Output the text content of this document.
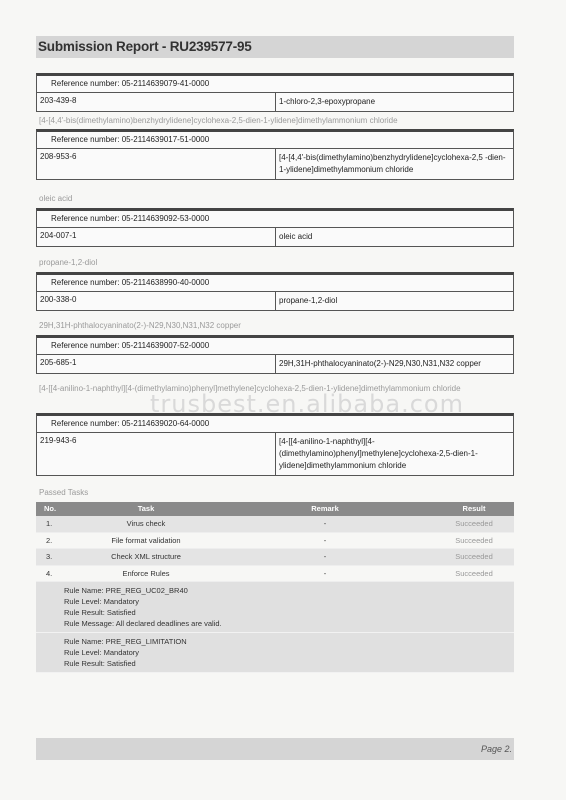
Submission Report - RU239577-95
Reference number: 05-2114639079-41-0000
203-439-8	1-chloro-2,3-epoxypropane
[4-[4,4'-bis(dimethylamino)benzhydrylidene]cyclohexa-2,5-dien-1-ylidene]dimethylammonium chloride
Reference number: 05-2114639017-51-0000
208-953-6	[4-[4,4'-bis(dimethylamino)benzhydrylidene]cyclohexa-2,5 -dien-1-ylidene]dimethylammonium chloride
oleic acid
Reference number: 05-2114639092-53-0000
204-007-1	oleic acid
propane-1,2-diol
Reference number: 05-2114638990-40-0000
200-338-0	propane-1,2-diol
29H,31H-phthalocyaninato(2-)-N29,N30,N31,N32 copper
Reference number: 05-2114639007-52-0000
205-685-1	29H,31H-phthalocyaninato(2-)-N29,N30,N31,N32 copper
[4-[[4-anilino-1-naphthyl][4-(dimethylamino)phenyl]methylene]cyclohexa-2,5-dien-1-ylidene]dimethylammonium chloride
Reference number: 05-2114639020-64-0000
219-943-6	[4-[[4-anilino-1-naphthyl][4-(dimethylamino)phenyl]methylene]cyclohexa-2,5-dien-1-ylidene]dimethylammonium chloride
trusbest.en.alibaba.com
Passed Tasks
No.	Task	Remark	Result
1.	Virus check	-	Succeeded
2.	File format validation	-	Succeeded
3.	Check XML structure	-	Succeeded
4.	Enforce Rules	-	Succeeded
Rule Name: PRE_REG_UC02_BR40
Rule Level: Mandatory
Rule Result: Satisfied
Rule Message: All declared deadlines are valid.
Rule Name: PRE_REG_LIMITATION
Rule Level: Mandatory
Rule Result: Satisfied
Page 2.
